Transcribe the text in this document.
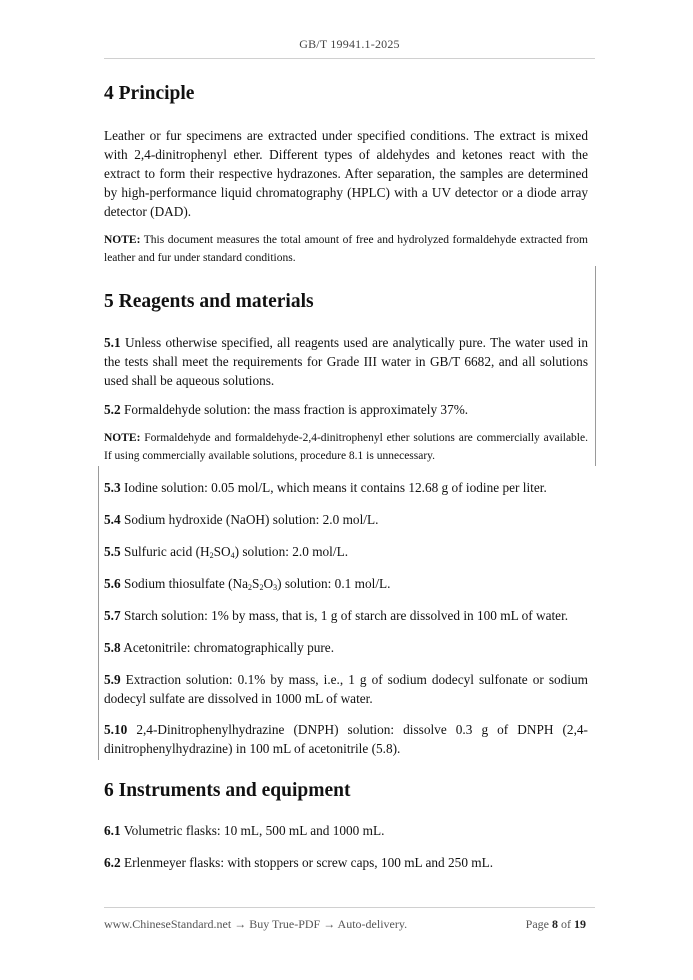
GB/T 19941.1-2025
4 Principle

Leather or fur specimens are extracted under specified conditions. The extract is mixed with 2,4-dinitrophenyl ether. Different types of aldehydes and ketones react with the extract to form their respective hydrazones. After separation, the samples are determined by high-performance liquid chromatography (HPLC) with a UV detector or a diode array detector (DAD).

NOTE: This document measures the total amount of free and hydrolyzed formaldehyde extracted from leather and fur under standard conditions.

5 Reagents and materials

5.1 Unless otherwise specified, all reagents used are analytically pure. The water used in the tests shall meet the requirements for Grade III water in GB/T 6682, and all solutions used shall be aqueous solutions.

5.2 Formaldehyde solution: the mass fraction is approximately 37%.

NOTE: Formaldehyde and formaldehyde-2,4-dinitrophenyl ether solutions are commercially available. If using commercially available solutions, procedure 8.1 is unnecessary.

5.3 Iodine solution: 0.05 mol/L, which means it contains 12.68 g of iodine per liter.

5.4 Sodium hydroxide (NaOH) solution: 2.0 mol/L.

5.5 Sulfuric acid $(H_2SO_4)$ solution: 2.0 mol/L.

5.6 Sodium thiosulfate $(Na_2S_2O_3)$ solution: 0.1 mol/L.

5.7 Starch solution: 1% by mass, that is, 1 g of starch are dissolved in 100 mL of water.

5.8 Acetonitrile: chromatographically pure.

5.9 Extraction solution: 0.1% by mass, i.e., 1 g of sodium dodecyl sulfonate or sodium dodecyl sulfate are dissolved in 1000 mL of water.

5.10 2,4-Dinitrophenylhydrazine (DNPH) solution: dissolve 0.3 g of DNPH (2,4-dinitrophenylhydrazine) in 100 mL of acetonitrile (5.8).

6 Instruments and equipment

6.1 Volumetric flasks: 10 mL, 500 mL and 1000 mL.

6.2 Erlenmeyer flasks: with stoppers or screw caps, 100 mL and 250 mL.

www.ChineseStandard.net → Buy True-PDF → Auto-delivery.	Page 8 of 19
